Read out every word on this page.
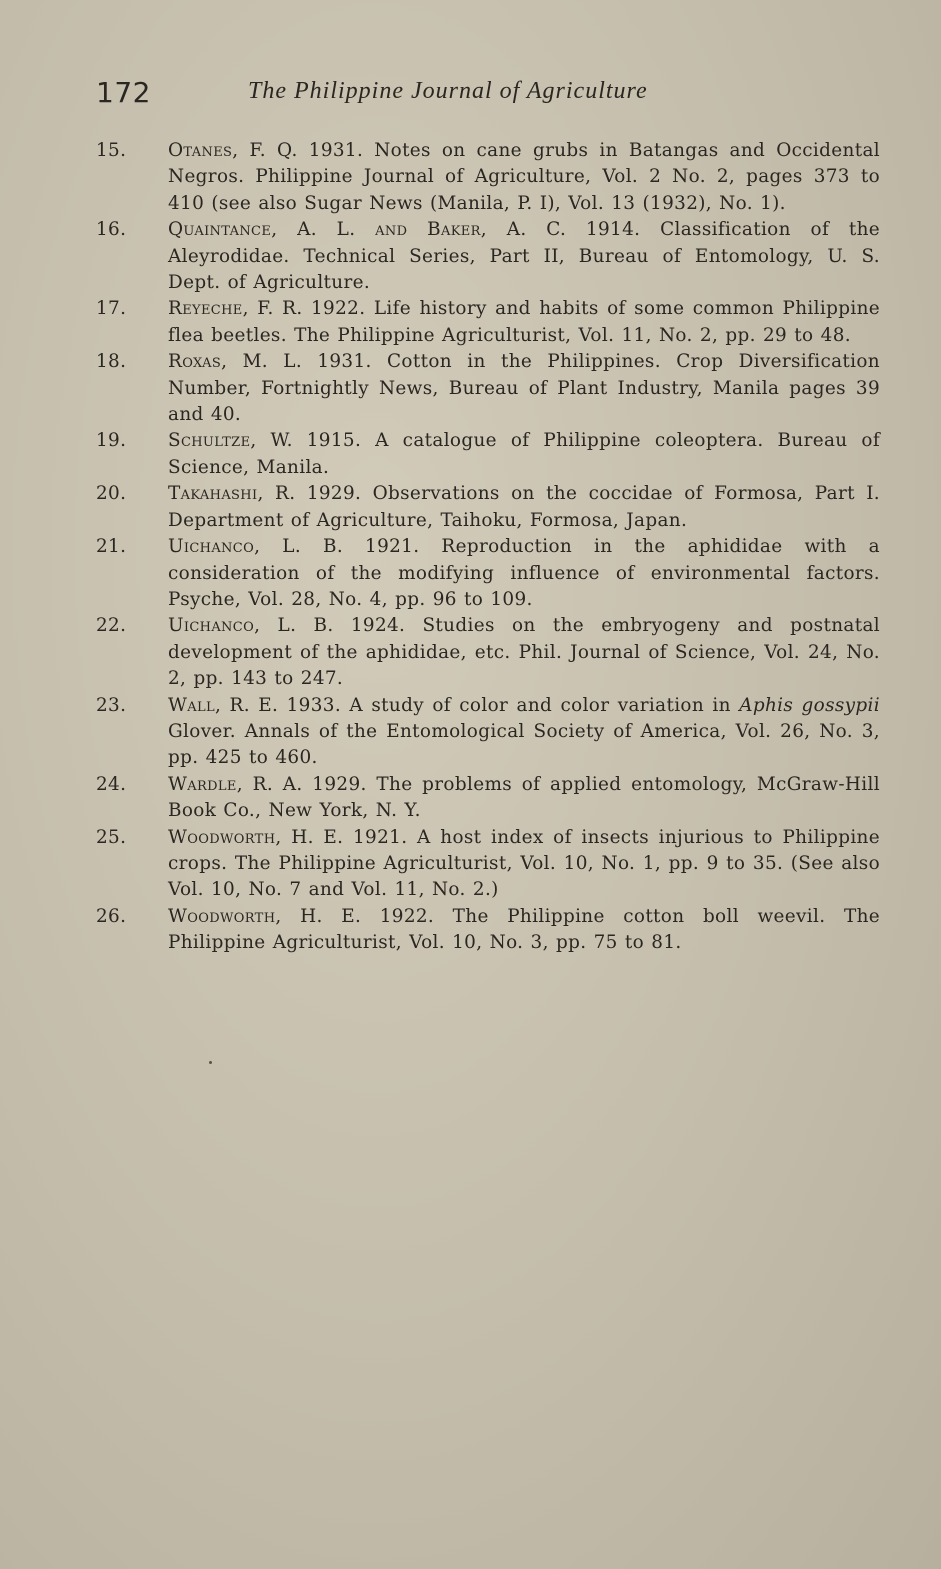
172	The Philippine Journal of Agriculture
15. Otanes, F. Q. 1931. Notes on cane grubs in Batangas and Occidental Negros. Philippine Journal of Agriculture, Vol. 2 No. 2, pages 373 to 410 (see also Sugar News (Manila, P. I), Vol. 13 (1932), No. 1).
16. Quaintance, A. L. and Baker, A. C. 1914. Classification of the Aleyrodidae. Technical Series, Part II, Bureau of Entomology, U. S. Dept. of Agriculture.
17. Reyeche, F. R. 1922. Life history and habits of some common Philippine flea beetles. The Philippine Agriculturist, Vol. 11, No. 2, pp. 29 to 48.
18. Roxas, M. L. 1931. Cotton in the Philippines. Crop Diversification Number, Fortnightly News, Bureau of Plant Industry, Manila pages 39 and 40.
19. Schultze, W. 1915. A catalogue of Philippine coleoptera. Bureau of Science, Manila.
20. Takahashi, R. 1929. Observations on the coccidae of Formosa, Part I. Department of Agriculture, Taihoku, Formosa, Japan.
21. Uichanco, L. B. 1921. Reproduction in the aphididae with a consideration of the modifying influence of environmental factors. Psyche, Vol. 28, No. 4, pp. 96 to 109.
22. Uichanco, L. B. 1924. Studies on the embryogeny and postnatal development of the aphididae, etc. Phil. Journal of Science, Vol. 24, No. 2, pp. 143 to 247.
23. Wall, R. E. 1933. A study of color and color variation in Aphis gossypii Glover. Annals of the Entomological Society of America, Vol. 26, No. 3, pp. 425 to 460.
24. Wardle, R. A. 1929. The problems of applied entomology, McGraw-Hill Book Co., New York, N. Y.
25. Woodworth, H. E. 1921. A host index of insects injurious to Philippine crops. The Philippine Agriculturist, Vol. 10, No. 1, pp. 9 to 35. (See also Vol. 10, No. 7 and Vol. 11, No. 2.)
26. Woodworth, H. E. 1922. The Philippine cotton boll weevil. The Philippine Agriculturist, Vol. 10, No. 3, pp. 75 to 81.
